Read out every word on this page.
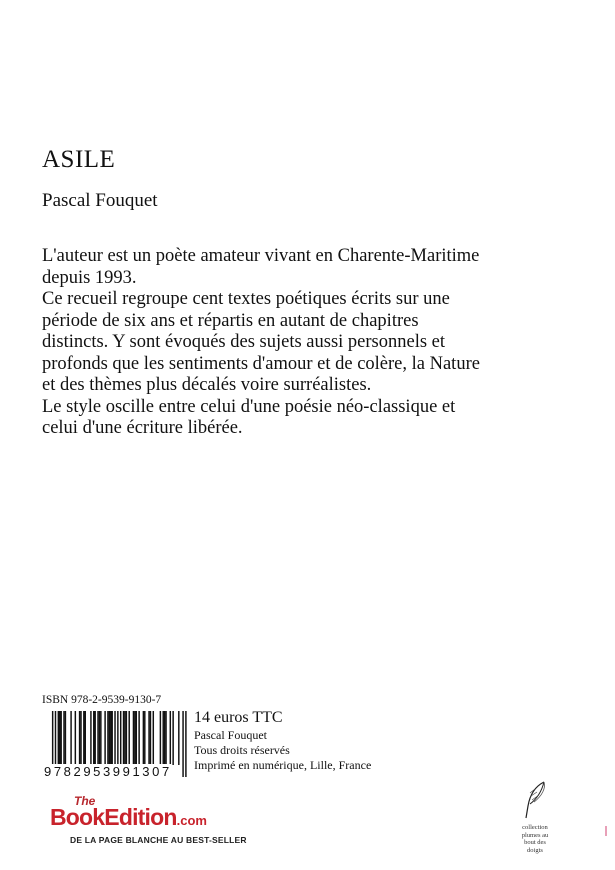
ASILE
Pascal Fouquet

L'auteur est un poète amateur vivant en Charente-Maritime depuis 1993.

Ce recueil regroupe cent textes poétiques écrits sur une période de six ans et répartis en autant de chapitres distincts. Y sont évoqués des sujets aussi personnels et profonds que les sentiments d'amour et de colère, la Nature et des thèmes plus décalés voire surréalistes.

Le style oscille entre celui d'une poésie néo-classique et celui d'une écriture libérée.

ISBN 978-2-9539-9130-7
9782953991307

14 euros TTC

Pascal Fouquet

Tous droits réservés

Imprimé en numérique, Lille, France

The
BookEdition.com
DE LA PAGE BLANCHE AU BEST-SELLER
collection
plumes au
bout des
doigts
